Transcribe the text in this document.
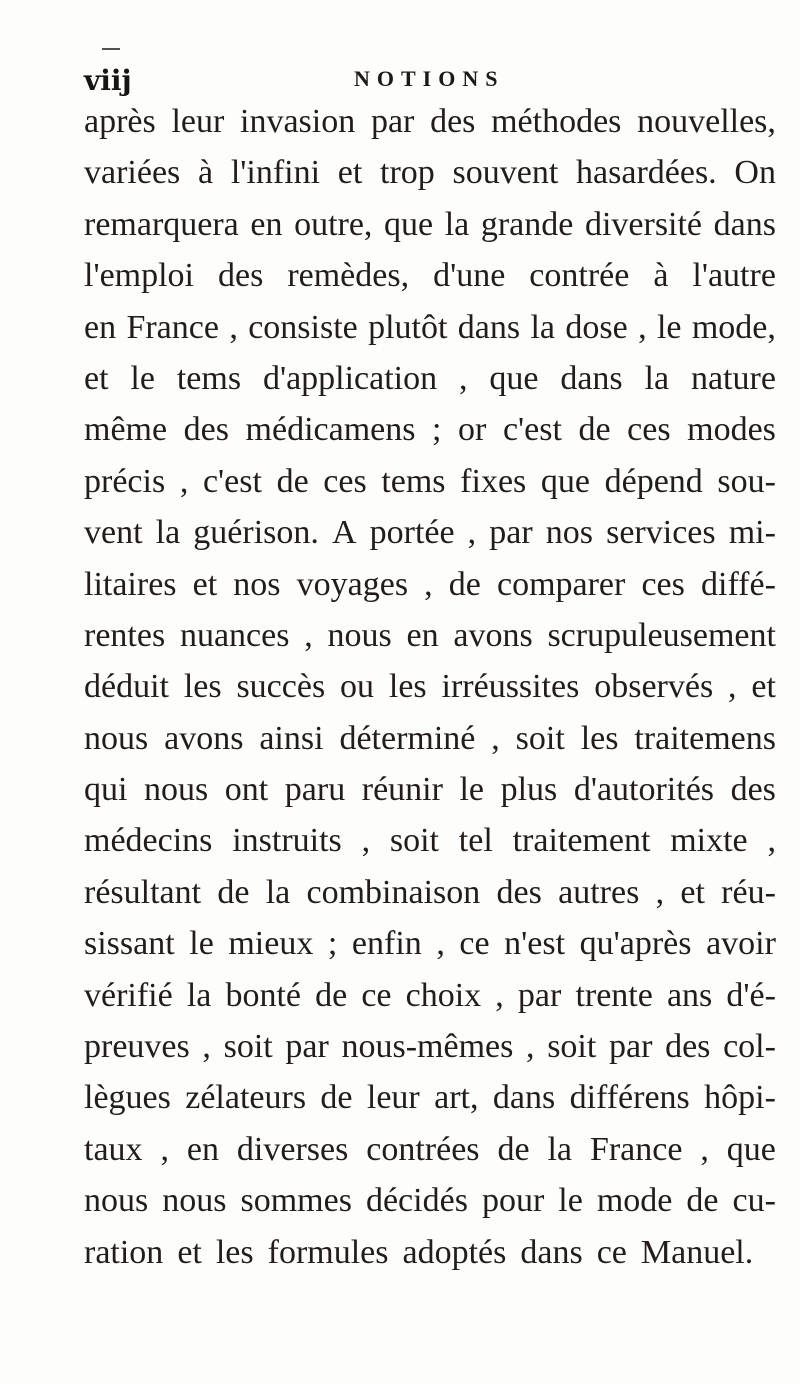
viij	NOTIONS
après leur invasion par des méthodes nouvelles,
variées à l'infini et trop souvent hasardées. On
remarquera en outre, que la grande diversité dans
l'emploi des remèdes, d'une contrée à l'autre
en France , consiste plutôt dans la dose , le mode,
et le tems d'application , que dans la nature
même des médicamens ; or c'est de ces modes
précis , c'est de ces tems fixes que dépend sou-
vent la guérison. A portée , par nos services mi-
litaires et nos voyages , de comparer ces diffé-
rentes nuances , nous en avons scrupuleusement
déduit les succès ou les irréussites observés , et
nous avons ainsi déterminé , soit les traitemens
qui nous ont paru réunir le plus d'autorités des
médecins instruits , soit tel traitement mixte ,
résultant de la combinaison des autres , et réu-
sissant le mieux ; enfin , ce n'est qu'après avoir
vérifié la bonté de ce choix , par trente ans d'é-
preuves , soit par nous-mêmes , soit par des col-
lègues zélateurs de leur art, dans différens hôpi-
taux , en diverses contrées de la France , que
nous nous sommes décidés pour le mode de cu-
ration et les formules adoptés dans ce Manuel.
